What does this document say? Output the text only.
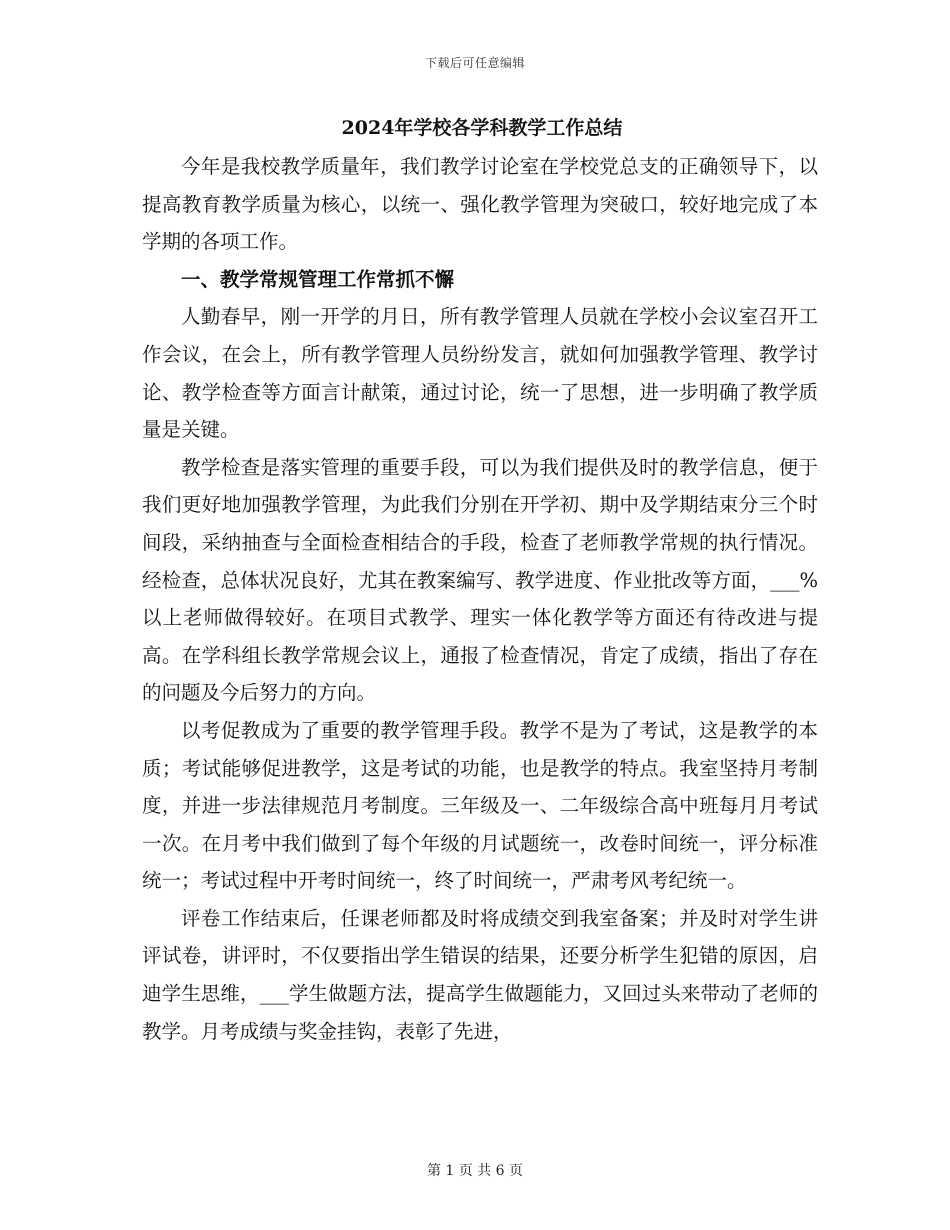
下载后可任意编辑
2024年学校各学科教学工作总结

今年是我校教学质量年，我们教学讨论室在学校党总支的正确领导下，以提高教育教学质量为核心，以统一、强化教学管理为突破口，较好地完成了本学期的各项工作。

一、教学常规管理工作常抓不懈

人勤春早，刚一开学的月日，所有教学管理人员就在学校小会议室召开工作会议，在会上，所有教学管理人员纷纷发言，就如何加强教学管理、教学讨论、教学检查等方面言计献策，通过讨论，统一了思想，进一步明确了教学质量是关键。

教学检查是落实管理的重要手段，可以为我们提供及时的教学信息，便于我们更好地加强教学管理，为此我们分别在开学初、期中及学期结束分三个时间段，采纳抽查与全面检查相结合的手段，检查了老师教学常规的执行情况。经检查，总体状况良好，尤其在教案编写、教学进度、作业批改等方面，___%以上老师做得较好。在项目式教学、理实一体化教学等方面还有待改进与提高。在学科组长教学常规会议上，通报了检查情况，肯定了成绩，指出了存在的问题及今后努力的方向。

以考促教成为了重要的教学管理手段。教学不是为了考试，这是教学的本质；考试能够促进教学，这是考试的功能，也是教学的特点。我室坚持月考制度，并进一步法律规范月考制度。三年级及一、二年级综合高中班每月月考试一次。在月考中我们做到了每个年级的月试题统一，改卷时间统一，评分标准统一；考试过程中开考时间统一，终了时间统一，严肃考风考纪统一。

评卷工作结束后，任课老师都及时将成绩交到我室备案；并及时对学生讲评试卷，讲评时，不仅要指出学生错误的结果，还要分析学生犯错的原因，启迪学生思维，___学生做题方法，提高学生做题能力，又回过头来带动了老师的教学。月考成绩与奖金挂钩，表彰了先进，

第 1 页 共 6 页
